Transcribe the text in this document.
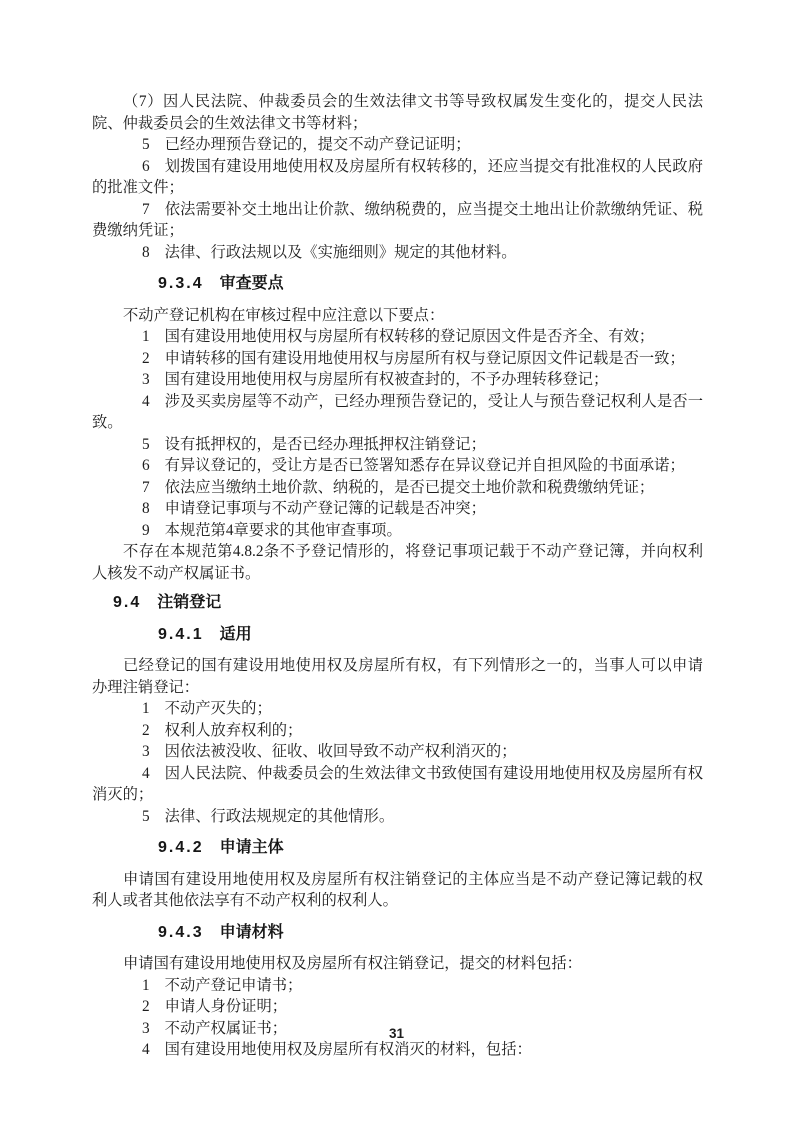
（7）因人民法院、仲裁委员会的生效法律文书等导致权属发生变化的，提交人民法院、仲裁委员会的生效法律文书等材料；

5 已经办理预告登记的，提交不动产登记证明；

6 划拨国有建设用地使用权及房屋所有权转移的，还应当提交有批准权的人民政府的批准文件；

7 依法需要补交土地出让价款、缴纳税费的，应当提交土地出让价款缴纳凭证、税费缴纳凭证；

8 法律、行政法规以及《实施细则》规定的其他材料。

9.3.4 审查要点

不动产登记机构在审核过程中应注意以下要点：

1 国有建设用地使用权与房屋所有权转移的登记原因文件是否齐全、有效；

2 申请转移的国有建设用地使用权与房屋所有权与登记原因文件记载是否一致；

3 国有建设用地使用权与房屋所有权被查封的，不予办理转移登记；

4 涉及买卖房屋等不动产，已经办理预告登记的，受让人与预告登记权利人是否一致。

5 设有抵押权的，是否已经办理抵押权注销登记；

6 有异议登记的，受让方是否已签署知悉存在异议登记并自担风险的书面承诺；

7 依法应当缴纳土地价款、纳税的，是否已提交土地价款和税费缴纳凭证；

8 申请登记事项与不动产登记簿的记载是否冲突；

9 本规范第4章要求的其他审查事项。

不存在本规范第4.8.2条不予登记情形的，将登记事项记载于不动产登记簿，并向权利人核发不动产权属证书。

9.4 注销登记

9.4.1 适用

已经登记的国有建设用地使用权及房屋所有权，有下列情形之一的，当事人可以申请办理注销登记：

1 不动产灭失的；

2 权利人放弃权利的；

3 因依法被没收、征收、收回导致不动产权利消灭的；

4 因人民法院、仲裁委员会的生效法律文书致使国有建设用地使用权及房屋所有权消灭的；

5 法律、行政法规规定的其他情形。

9.4.2 申请主体

申请国有建设用地使用权及房屋所有权注销登记的主体应当是不动产登记簿记载的权利人或者其他依法享有不动产权利的权利人。

9.4.3 申请材料

申请国有建设用地使用权及房屋所有权注销登记，提交的材料包括：

1 不动产登记申请书；

2 申请人身份证明；

3 不动产权属证书；

4 国有建设用地使用权及房屋所有权消灭的材料，包括：

31
